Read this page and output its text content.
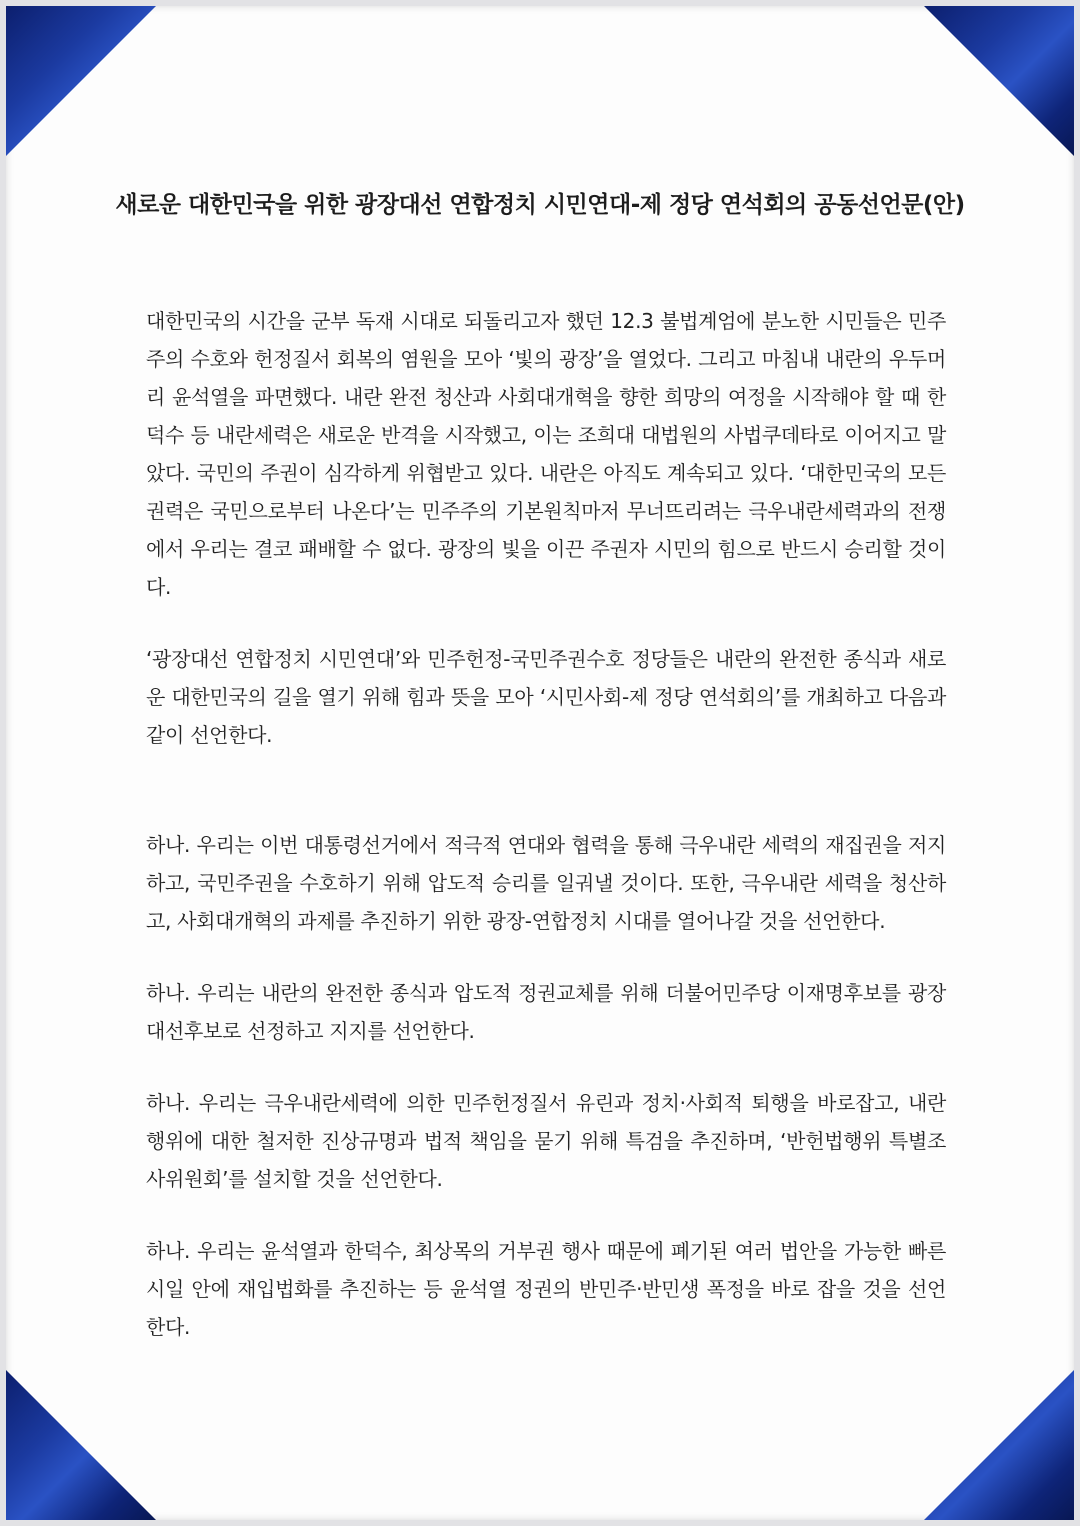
새로운 대한민국을 위한 광장대선 연합정치 시민연대-제 정당 연석회의 공동선언문(안)

대한민국의 시간을 군부 독재 시대로 되돌리고자 했던 12.3 불법계엄에 분노한 시민들은 민주주의 수호와 헌정질서 회복의 염원을 모아 ‘빛의 광장’을 열었다. 그리고 마침내 내란의 우두머리 윤석열을 파면했다. 내란 완전 청산과 사회대개혁을 향한 희망의 여정을 시작해야 할 때 한덕수 등 내란세력은 새로운 반격을 시작했고, 이는 조희대 대법원의 사법쿠데타로 이어지고 말았다. 국민의 주권이 심각하게 위협받고 있다. 내란은 아직도 계속되고 있다. ‘대한민국의 모든 권력은 국민으로부터 나온다’는 민주주의 기본원칙마저 무너뜨리려는 극우내란세력과의 전쟁에서 우리는 결코 패배할 수 없다. 광장의 빛을 이끈 주권자 시민의 힘으로 반드시 승리할 것이다.

‘광장대선 연합정치 시민연대’와 민주헌정-국민주권수호 정당들은 내란의 완전한 종식과 새로운 대한민국의 길을 열기 위해 힘과 뜻을 모아 ‘시민사회-제 정당 연석회의’를 개최하고 다음과 같이 선언한다.

하나. 우리는 이번 대통령선거에서 적극적 연대와 협력을 통해 극우내란 세력의 재집권을 저지하고, 국민주권을 수호하기 위해 압도적 승리를 일궈낼 것이다. 또한, 극우내란 세력을 청산하고, 사회대개혁의 과제를 추진하기 위한 광장-연합정치 시대를 열어나갈 것을 선언한다.

하나. 우리는 내란의 완전한 종식과 압도적 정권교체를 위해 더불어민주당 이재명후보를 광장대선후보로 선정하고 지지를 선언한다.

하나. 우리는 극우내란세력에 의한 민주헌정질서 유린과 정치·사회적 퇴행을 바로잡고, 내란 행위에 대한 철저한 진상규명과 법적 책임을 묻기 위해 특검을 추진하며, ‘반헌법행위 특별조사위원회’를 설치할 것을 선언한다.

하나. 우리는 윤석열과 한덕수, 최상목의 거부권 행사 때문에 폐기된 여러 법안을 가능한 빠른 시일 안에 재입법화를 추진하는 등 윤석열 정권의 반민주·반민생 폭정을 바로 잡을 것을 선언한다.
